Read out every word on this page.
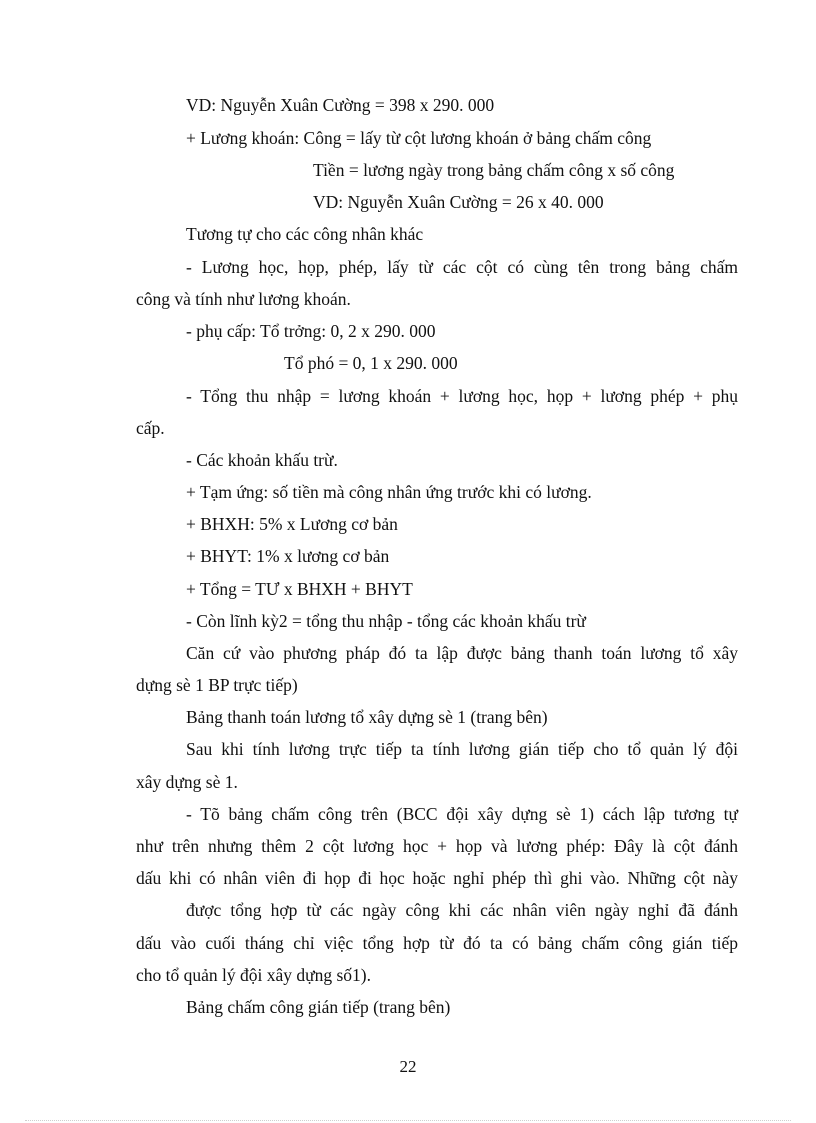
VD: Nguyễn Xuân Cường = 398 x 290. 000

+ Lương khoán: Công = lấy từ cột lương khoán ở bảng chấm công

Tiền = lương ngày trong bảng chấm công x số công

VD: Nguyễn Xuân Cường = 26 x 40. 000

Tương tự cho các công nhân khác

- Lương học, họp, phép, lấy từ các cột có cùng tên trong bảng chấm

công và tính như lương khoán.

- phụ cấp: Tổ trởng: 0, 2 x 290. 000

Tổ phó = 0, 1 x 290. 000

- Tổng thu nhập = lương khoán + lương học, họp + lương phép + phụ

cấp.

- Các khoản khấu trừ.

+ Tạm ứng: số tiền mà công nhân ứng trước khi có lương.

+ BHXH: 5% x Lương cơ bản

+ BHYT: 1% x lương cơ bản

+ Tổng = TƯ x BHXH + BHYT

- Còn lĩnh kỳ2 = tổng thu nhập - tổng các khoản khấu trừ

Căn cứ vào phương pháp đó ta lập được bảng thanh toán lương tổ xây

dựng sè 1 BP trực tiếp)

Bảng thanh toán lương tổ xây dựng sè 1 (trang bên)

Sau khi tính lương trực tiếp ta tính lương gián tiếp cho tổ quản lý đội

xây dựng sè 1.

- Tõ bảng chấm công trên (BCC đội xây dựng sè 1) cách lập tương tự

như trên nhưng thêm 2 cột lương học + họp và lương phép: Đây là cột đánh

dấu khi có nhân viên đi họp đi học hoặc nghỉ phép thì ghi vào. Những cột này

được tổng hợp từ các ngày công khi các nhân viên ngày nghỉ đã đánh

dấu vào cuối tháng chỉ việc tổng hợp từ đó ta có bảng chấm công gián tiếp

cho tổ quản lý đội xây dựng số1).

Bảng chấm công gián tiếp (trang bên)

22
